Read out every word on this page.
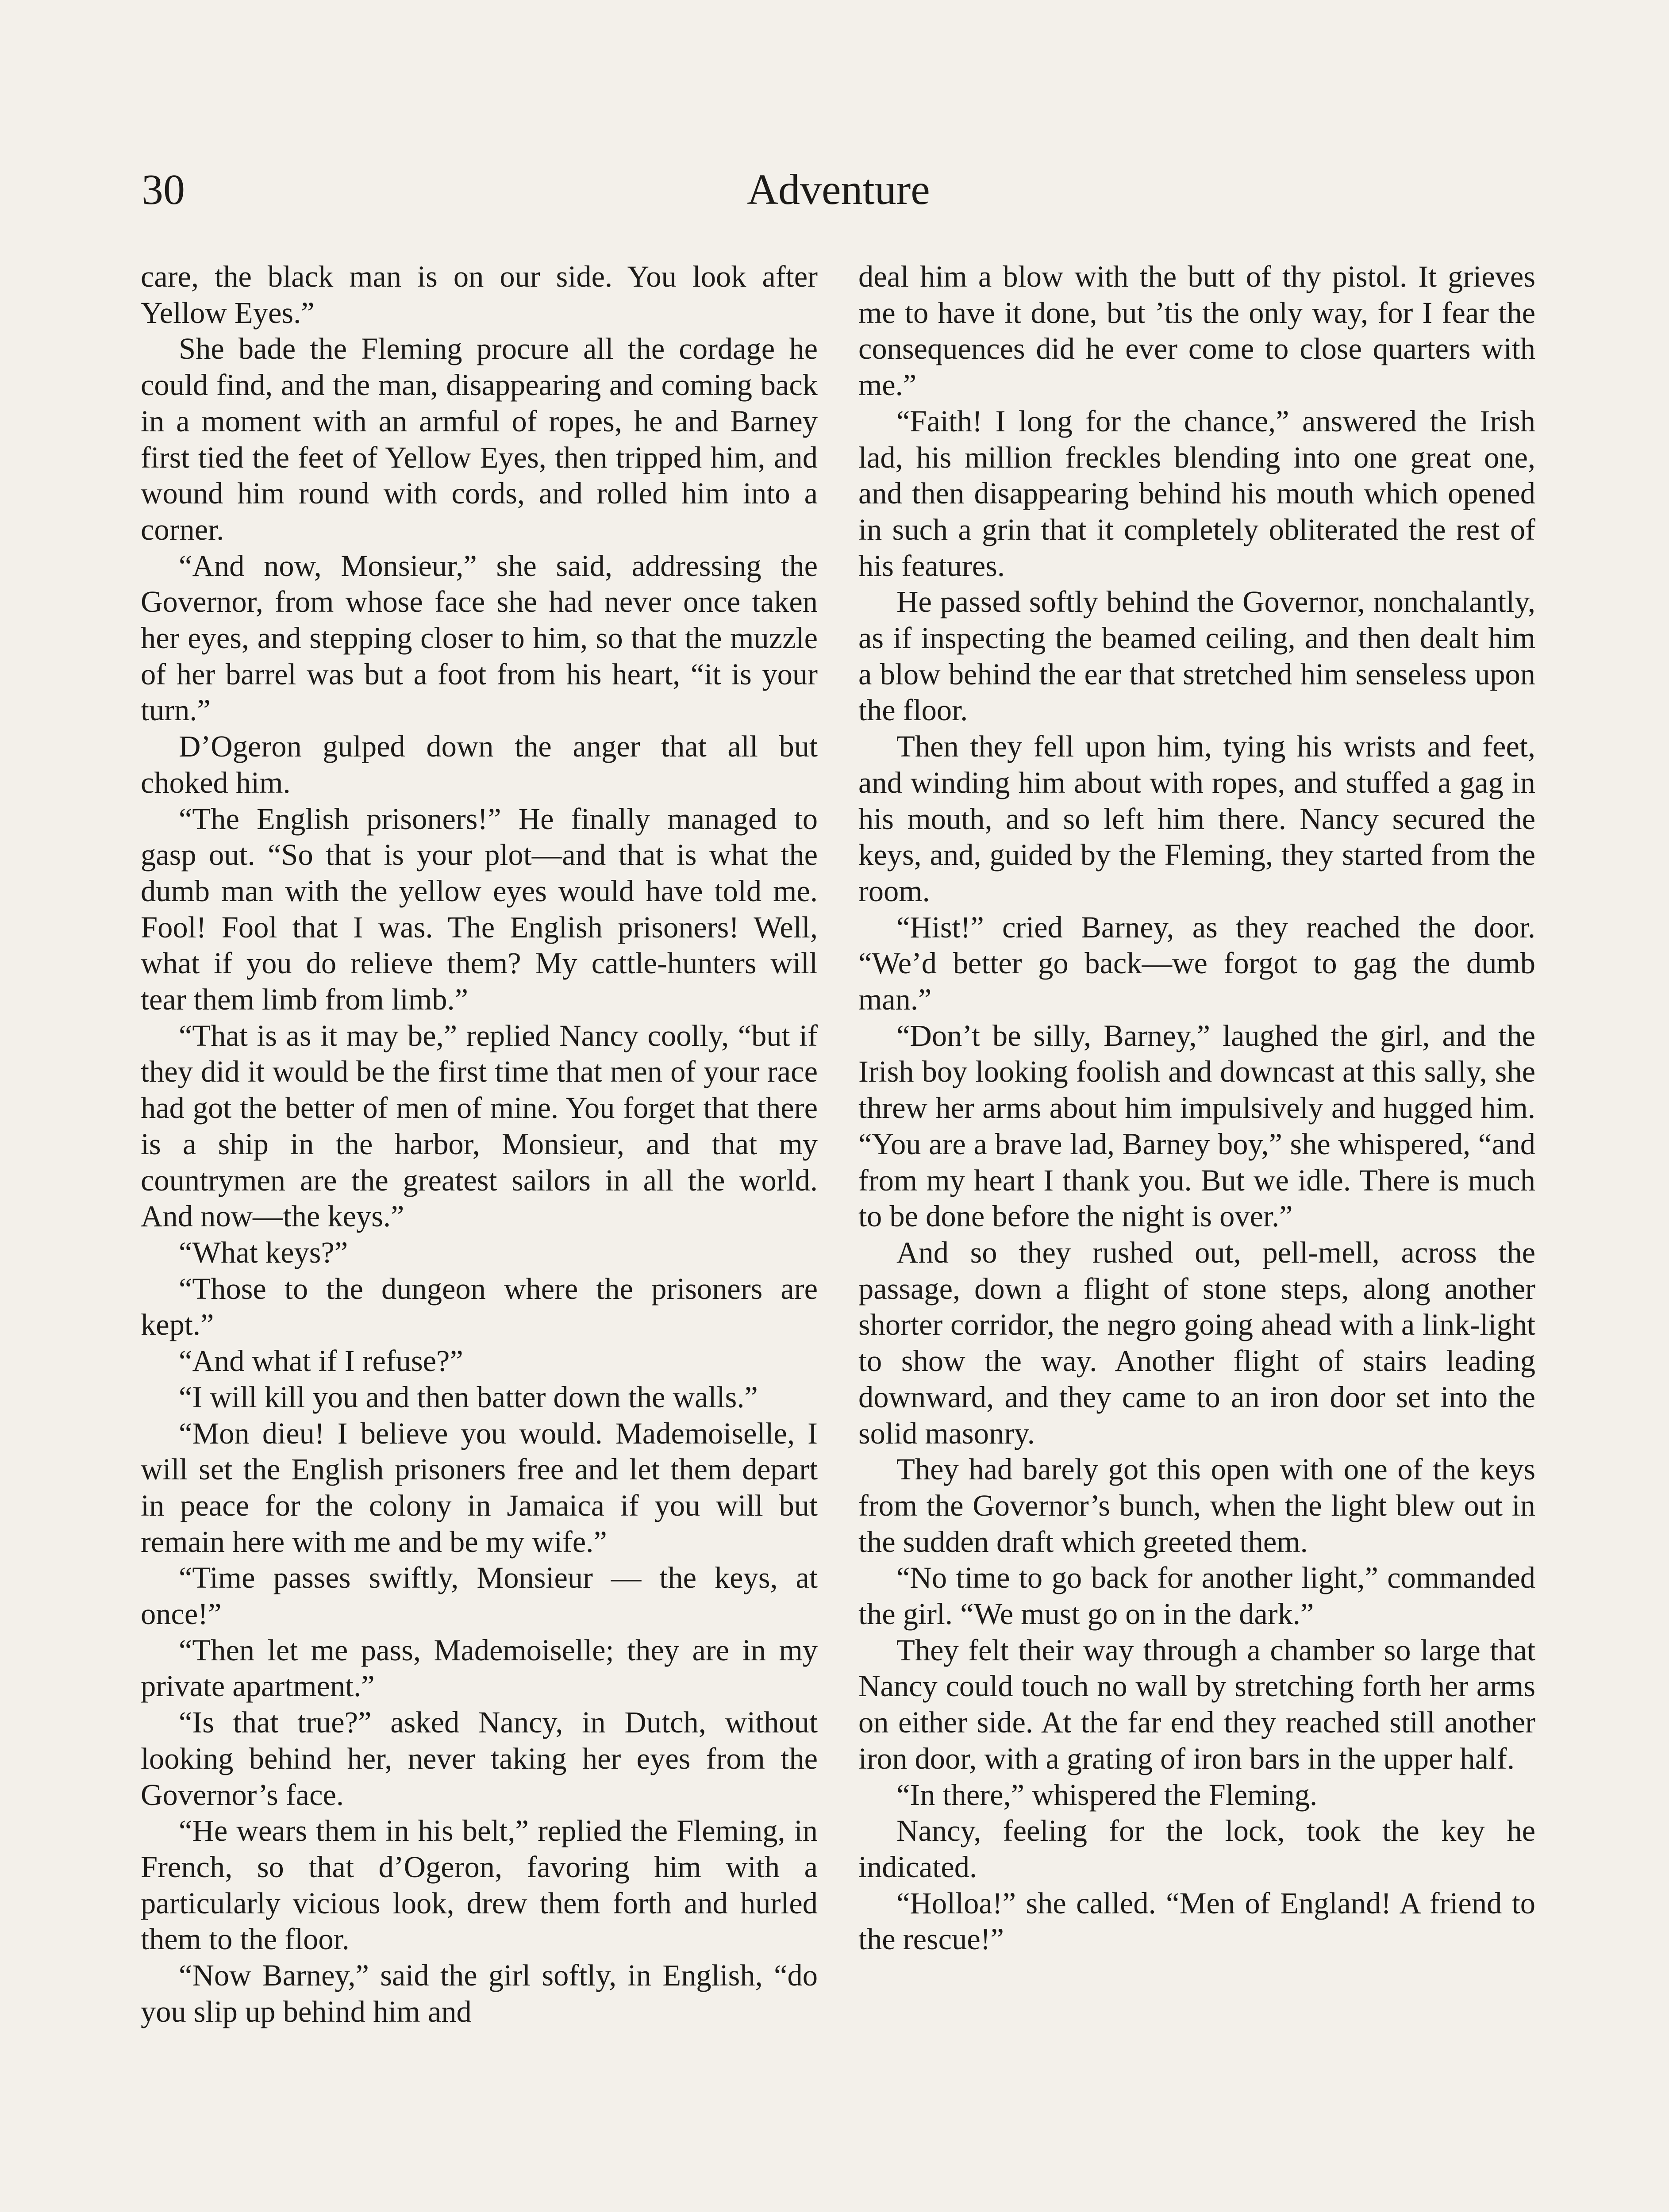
30	Adventure

care, the black man is on our side. You look after Yellow Eyes.”

She bade the Fleming procure all the cordage he could find, and the man, disappearing and coming back in a moment with an armful of ropes, he and Barney first tied the feet of Yellow Eyes, then tripped him, and wound him round with cords, and rolled him into a corner.

“And now, Monsieur,” she said, addressing the Governor, from whose face she had never once taken her eyes, and stepping closer to him, so that the muzzle of her barrel was but a foot from his heart, “it is your turn.”

D’Ogeron gulped down the anger that all but choked him.

“The English prisoners!” He finally managed to gasp out. “So that is your plot—and that is what the dumb man with the yellow eyes would have told me. Fool! Fool that I was. The English prisoners! Well, what if you do relieve them? My cattle-hunters will tear them limb from limb.”

“That is as it may be,” replied Nancy coolly, “but if they did it would be the first time that men of your race had got the better of men of mine. You forget that there is a ship in the harbor, Monsieur, and that my countrymen are the greatest sailors in all the world. And now—the keys.”

“What keys?”

“Those to the dungeon where the prisoners are kept.”

“And what if I refuse?”

“I will kill you and then batter down the walls.”

“Mon dieu! I believe you would. Mademoiselle, I will set the English prisoners free and let them depart in peace for the colony in Jamaica if you will but remain here with me and be my wife.”

“Time passes swiftly, Monsieur — the keys, at once!”

“Then let me pass, Mademoiselle; they are in my private apartment.”

“Is that true?” asked Nancy, in Dutch, without looking behind her, never taking her eyes from the Governor’s face.

“He wears them in his belt,” replied the Fleming, in French, so that d’Ogeron, favoring him with a particularly vicious look, drew them forth and hurled them to the floor.

“Now Barney,” said the girl softly, in English, “do you slip up behind him and

deal him a blow with the butt of thy pistol. It grieves me to have it done, but ’tis the only way, for I fear the consequences did he ever come to close quarters with me.”

“Faith! I long for the chance,” answered the Irish lad, his million freckles blending into one great one, and then disappearing behind his mouth which opened in such a grin that it completely obliterated the rest of his features.

He passed softly behind the Governor, nonchalantly, as if inspecting the beamed ceiling, and then dealt him a blow behind the ear that stretched him senseless upon the floor.

Then they fell upon him, tying his wrists and feet, and winding him about with ropes, and stuffed a gag in his mouth, and so left him there. Nancy secured the keys, and, guided by the Fleming, they started from the room.

“Hist!” cried Barney, as they reached the door. “We’d better go back—we forgot to gag the dumb man.”

“Don’t be silly, Barney,” laughed the girl, and the Irish boy looking foolish and downcast at this sally, she threw her arms about him impulsively and hugged him. “You are a brave lad, Barney boy,” she whispered, “and from my heart I thank you. But we idle. There is much to be done before the night is over.”

And so they rushed out, pell-mell, across the passage, down a flight of stone steps, along another shorter corridor, the negro going ahead with a link-light to show the way. Another flight of stairs leading downward, and they came to an iron door set into the solid masonry.

They had barely got this open with one of the keys from the Governor’s bunch, when the light blew out in the sudden draft which greeted them.

“No time to go back for another light,” commanded the girl. “We must go on in the dark.”

They felt their way through a chamber so large that Nancy could touch no wall by stretching forth her arms on either side. At the far end they reached still another iron door, with a grating of iron bars in the upper half.

“In there,” whispered the Fleming.

Nancy, feeling for the lock, took the key he indicated.

“Holloa!” she called. “Men of England! A friend to the rescue!”
